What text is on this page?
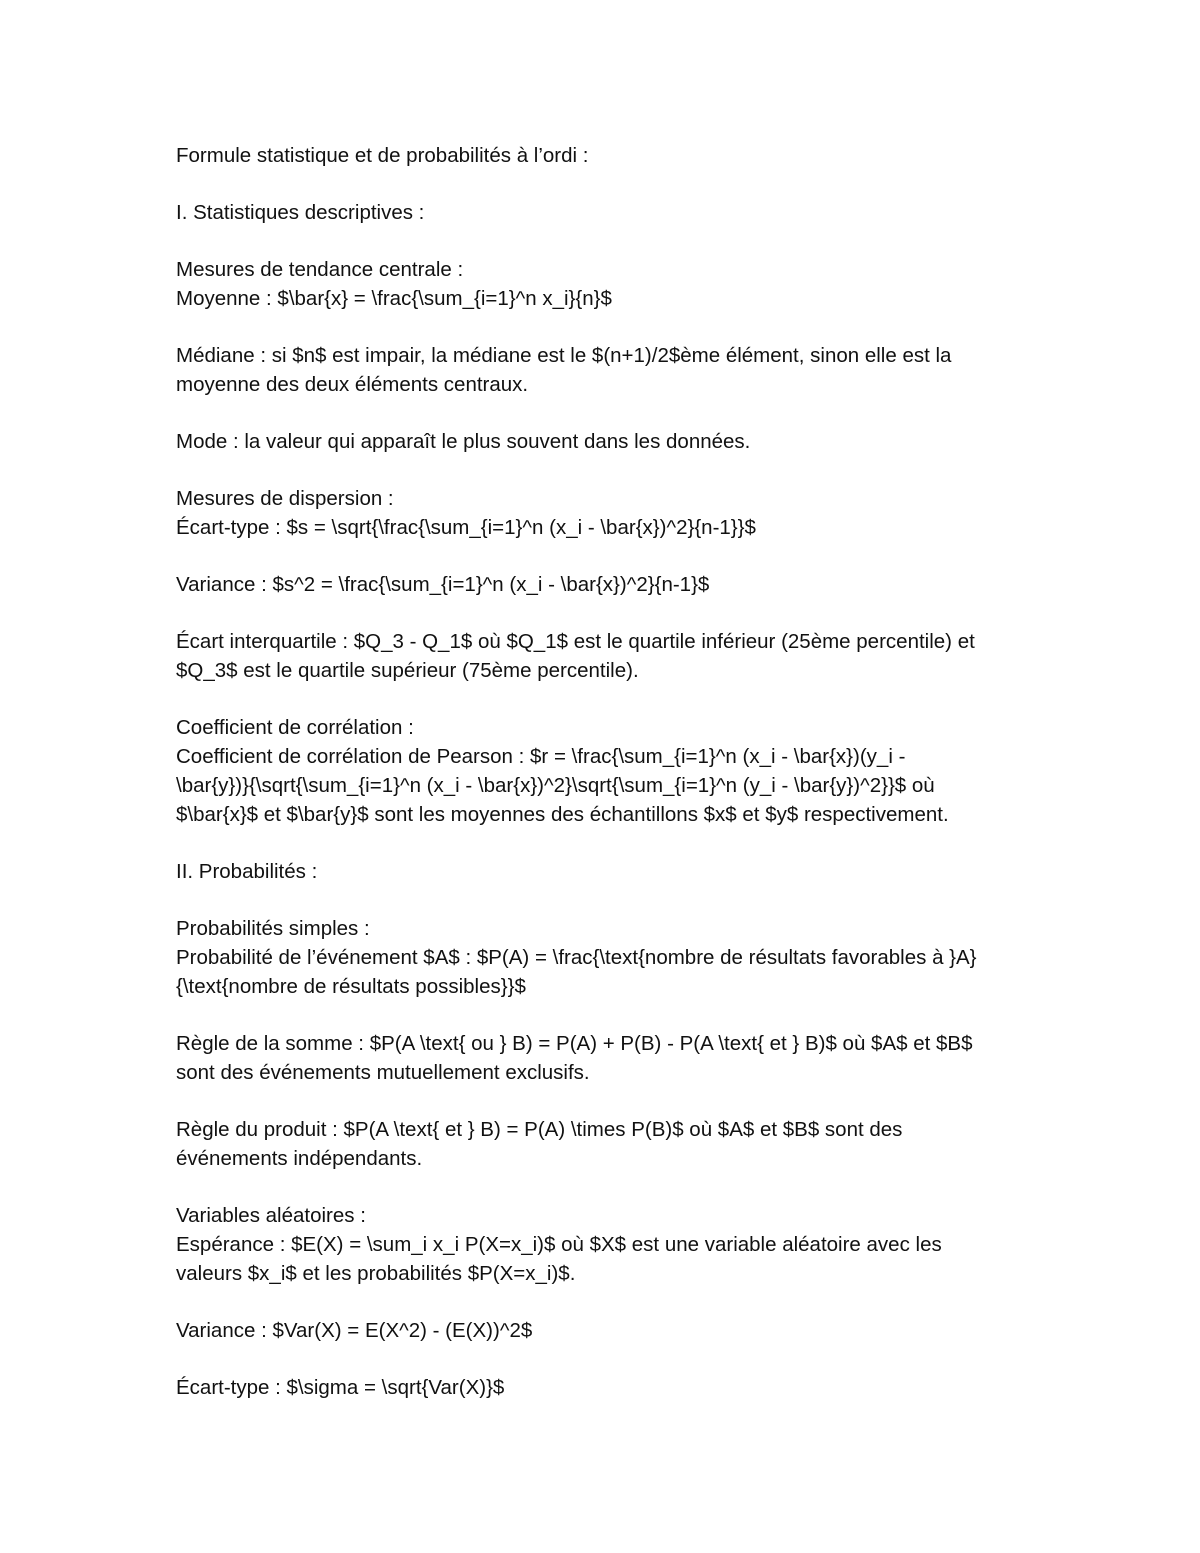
Formule statistique et de probabilités à l’ordi :
I. Statistiques descriptives :
Mesures de tendance centrale :
Moyenne : $\bar{x} = \frac{\sum_{i=1}^n x_i}{n}$
Médiane : si $n$ est impair, la médiane est le $(n+1)/2$ème élément, sinon elle est la
moyenne des deux éléments centraux.
Mode : la valeur qui apparaît le plus souvent dans les données.
Mesures de dispersion :
Écart-type : $s = \sqrt{\frac{\sum_{i=1}^n (x_i - \bar{x})^2}{n-1}}$
Variance : $s^2 = \frac{\sum_{i=1}^n (x_i - \bar{x})^2}{n-1}$
Écart interquartile : $Q_3 - Q_1$ où $Q_1$ est le quartile inférieur (25ème percentile) et
$Q_3$ est le quartile supérieur (75ème percentile).
Coefficient de corrélation :
Coefficient de corrélation de Pearson : $r = \frac{\sum_{i=1}^n (x_i - \bar{x})(y_i -
\bar{y})}{\sqrt{\sum_{i=1}^n (x_i - \bar{x})^2}\sqrt{\sum_{i=1}^n (y_i - \bar{y})^2}}$ où
$\bar{x}$ et $\bar{y}$ sont les moyennes des échantillons $x$ et $y$ respectivement.
II. Probabilités :
Probabilités simples :
Probabilité de l’événement $A$ : $P(A) = \frac{\text{nombre de résultats favorables à }A}
{\text{nombre de résultats possibles}}$
Règle de la somme : $P(A \text{ ou } B) = P(A) + P(B) - P(A \text{ et } B)$ où $A$ et $B$
sont des événements mutuellement exclusifs.
Règle du produit : $P(A \text{ et } B) = P(A) \times P(B)$ où $A$ et $B$ sont des
événements indépendants.
Variables aléatoires :
Espérance : $E(X) = \sum_i x_i P(X=x_i)$ où $X$ est une variable aléatoire avec les
valeurs $x_i$ et les probabilités $P(X=x_i)$.
Variance : $Var(X) = E(X^2) - (E(X))^2$
Écart-type : $\sigma = \sqrt{Var(X)}$
